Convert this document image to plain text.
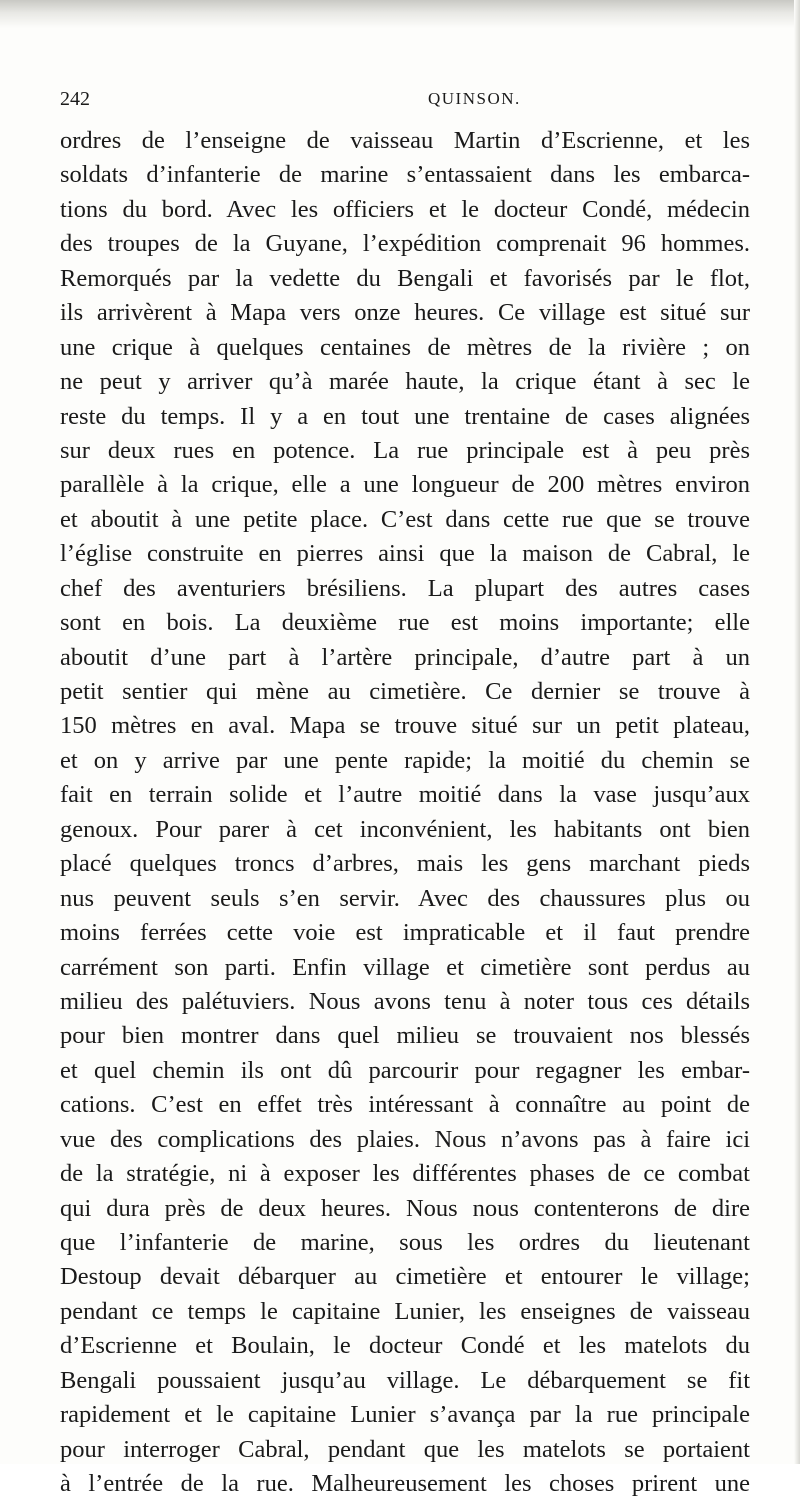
242	QUINSON.
ordres de l’enseigne de vaisseau Martin d’Escrienne, et les
soldats d’infanterie de marine s’entassaient dans les embarca-
tions du bord. Avec les officiers et le docteur Condé, médecin
des troupes de la Guyane, l’expédition comprenait 96 hommes.
Remorqués par la vedette du Bengali et favorisés par le flot,
ils arrivèrent à Mapa vers onze heures. Ce village est situé sur
une crique à quelques centaines de mètres de la rivière ; on
ne peut y arriver qu’à marée haute, la crique étant à sec le
reste du temps. Il y a en tout une trentaine de cases alignées
sur deux rues en potence. La rue principale est à peu près
parallèle à la crique, elle a une longueur de 200 mètres environ
et aboutit à une petite place. C’est dans cette rue que se trouve
l’église construite en pierres ainsi que la maison de Cabral, le
chef des aventuriers brésiliens. La plupart des autres cases
sont en bois. La deuxième rue est moins importante; elle
aboutit d’une part à l’artère principale, d’autre part à un
petit sentier qui mène au cimetière. Ce dernier se trouve à
150 mètres en aval. Mapa se trouve situé sur un petit plateau,
et on y arrive par une pente rapide; la moitié du chemin se
fait en terrain solide et l’autre moitié dans la vase jusqu’aux
genoux. Pour parer à cet inconvénient, les habitants ont bien
placé quelques troncs d’arbres, mais les gens marchant pieds
nus peuvent seuls s’en servir. Avec des chaussures plus ou
moins ferrées cette voie est impraticable et il faut prendre
carrément son parti. Enfin village et cimetière sont perdus au
milieu des palétuviers. Nous avons tenu à noter tous ces détails
pour bien montrer dans quel milieu se trouvaient nos blessés
et quel chemin ils ont dû parcourir pour regagner les embar-
cations. C’est en effet très intéressant à connaître au point de
vue des complications des plaies. Nous n’avons pas à faire ici
de la stratégie, ni à exposer les différentes phases de ce combat
qui dura près de deux heures. Nous nous contenterons de dire
que l’infanterie de marine, sous les ordres du lieutenant
Destoup devait débarquer au cimetière et entourer le village;
pendant ce temps le capitaine Lunier, les enseignes de vaisseau
d’Escrienne et Boulain, le docteur Condé et les matelots du
Bengali poussaient jusqu’au village. Le débarquement se fit
rapidement et le capitaine Lunier s’avança par la rue principale
pour interroger Cabral, pendant que les matelots se portaient
à l’entrée de la rue. Malheureusement les choses prirent une
